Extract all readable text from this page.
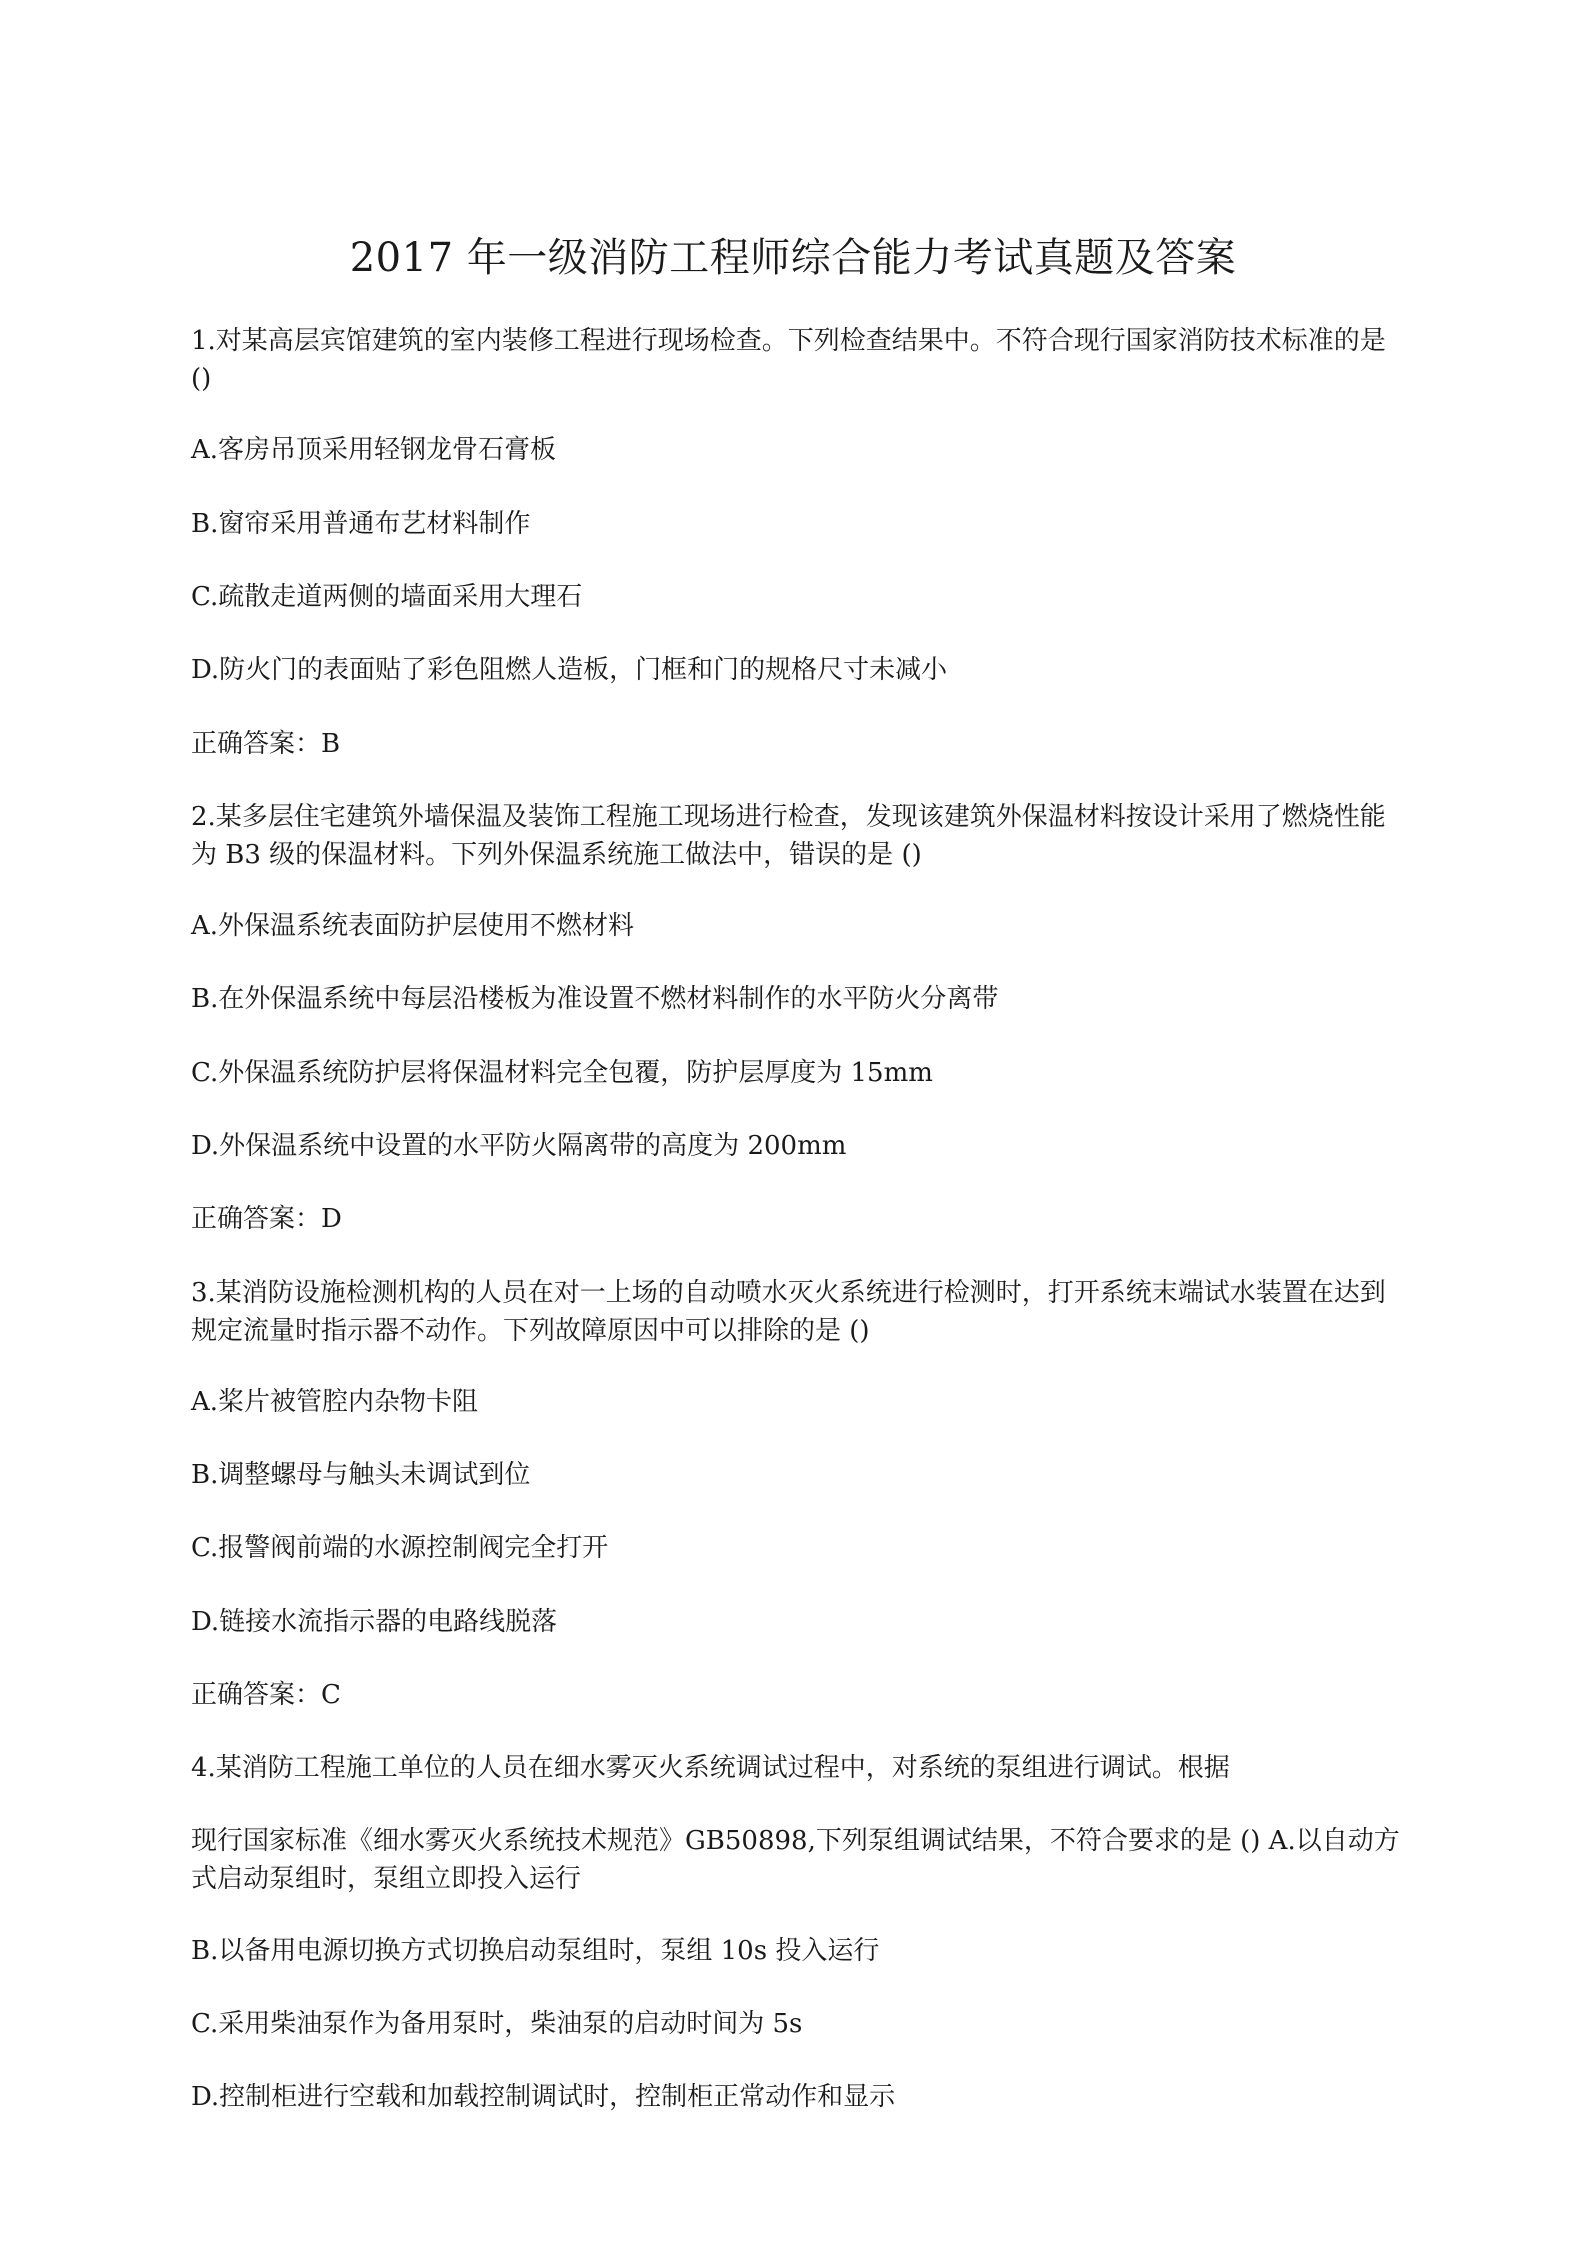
2017 年一级消防工程师综合能力考试真题及答案

1.对某高层宾馆建筑的室内装修工程进行现场检查。下列检查结果中。不符合现行国家消防技术标准的是 ()

A.客房吊顶采用轻钢龙骨石膏板

B.窗帘采用普通布艺材料制作

C.疏散走道两侧的墙面采用大理石

D.防火门的表面贴了彩色阻燃人造板，门框和门的规格尺寸未减小

正确答案：B

2.某多层住宅建筑外墙保温及装饰工程施工现场进行检查，发现该建筑外保温材料按设计采用了燃烧性能为 B3 级的保温材料。下列外保温系统施工做法中，错误的是 ()

A.外保温系统表面防护层使用不燃材料

B.在外保温系统中每层沿楼板为准设置不燃材料制作的水平防火分离带

C.外保温系统防护层将保温材料完全包覆，防护层厚度为 15mm

D.外保温系统中设置的水平防火隔离带的高度为 200mm

正确答案：D

3.某消防设施检测机构的人员在对一上场的自动喷水灭火系统进行检测时，打开系统末端试水装置在达到规定流量时指示器不动作。下列故障原因中可以排除的是 ()

A.桨片被管腔内杂物卡阻

B.调整螺母与触头未调试到位

C.报警阀前端的水源控制阀完全打开

D.链接水流指示器的电路线脱落

正确答案：C

4.某消防工程施工单位的人员在细水雾灭火系统调试过程中，对系统的泵组进行调试。根据

现行国家标准《细水雾灭火系统技术规范》GB50898,下列泵组调试结果，不符合要求的是 () A.以自动方式启动泵组时，泵组立即投入运行

B.以备用电源切换方式切换启动泵组时，泵组 10s 投入运行

C.采用柴油泵作为备用泵时，柴油泵的启动时间为 5s

D.控制柜进行空载和加载控制调试时，控制柜正常动作和显示
